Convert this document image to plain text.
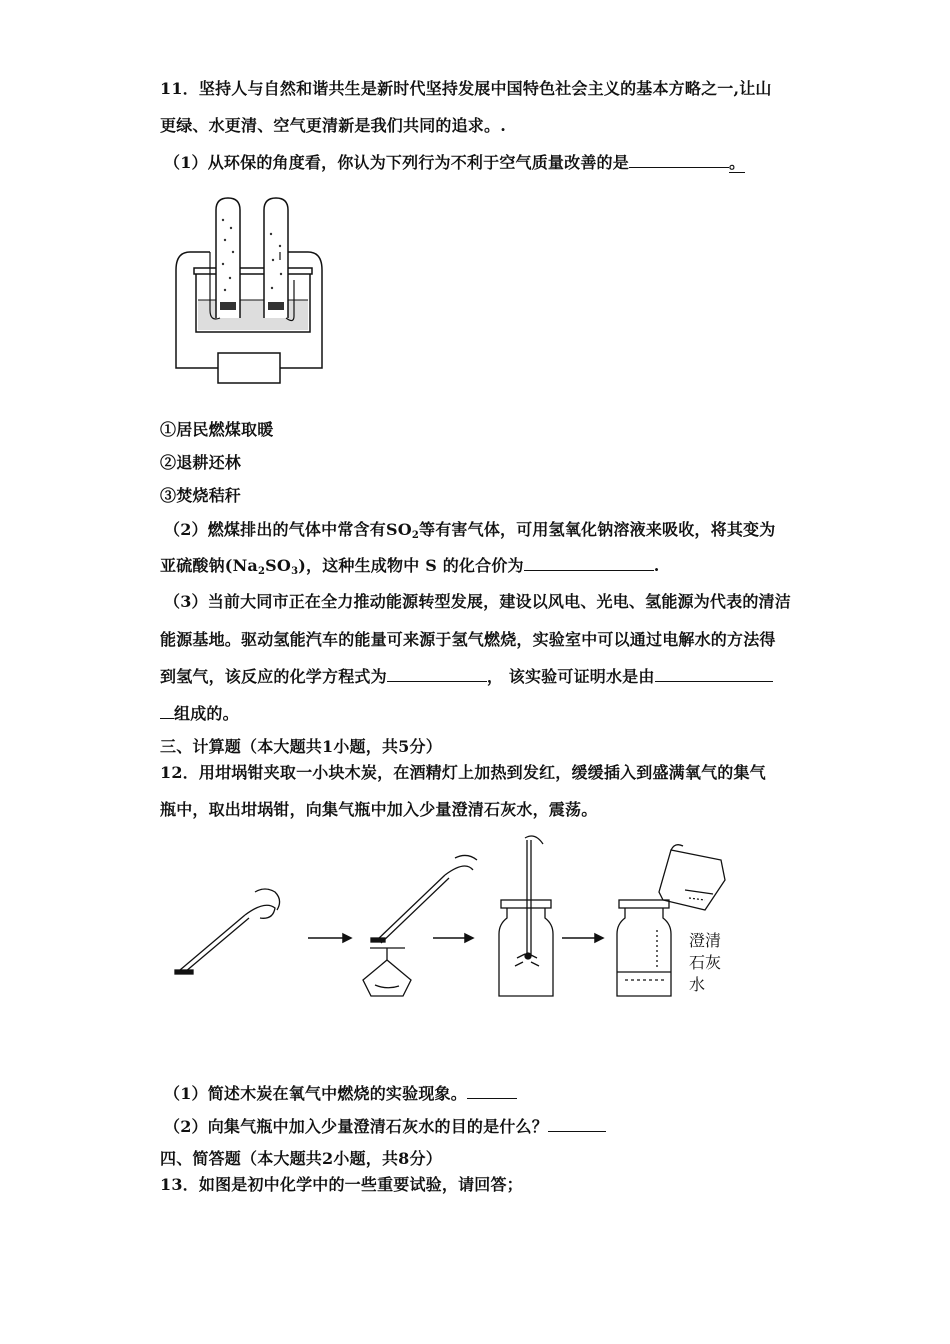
11．坚持人与自然和谐共生是新时代坚持发展中国特色社会主义的基本方略之一,让山
更绿、水更清、空气更清新是我们共同的追求。.
（1）从环保的角度看，你认为下列行为不利于空气质量改善的是	。
①居民燃煤取暖
②退耕还林
③焚烧秸秆
（2）燃煤排出的气体中常含有$SO_2$等有害气体，可用氢氧化钠溶液来吸收，将其变为
亚硫酸钠$(Na_2SO_3)$，这种生成物中 S 的化合价为	.
（3）当前大同市正在全力推动能源转型发展，建设以风电、光电、氢能源为代表的清洁
能源基地。驱动氢能汽车的能量可来源于氢气燃烧，实验室中可以通过电解水的方法得
到氢气，该反应的化学方程式为	， 该实验可证明水是由
组成的。
三、计算题（本大题共1小题，共5分）
12．用坩埚钳夹取一小块木炭，在酒精灯上加热到发红，缓缓插入到盛满氧气的集气
瓶中，取出坩埚钳，向集气瓶中加入少量澄清石灰水，震荡。
澄清
石灰
水
（1）简述木炭在氧气中燃烧的实验现象。
（2）向集气瓶中加入少量澄清石灰水的目的是什么？
四、简答题（本大题共2小题，共8分）
13．如图是初中化学中的一些重要试验，请回答；
